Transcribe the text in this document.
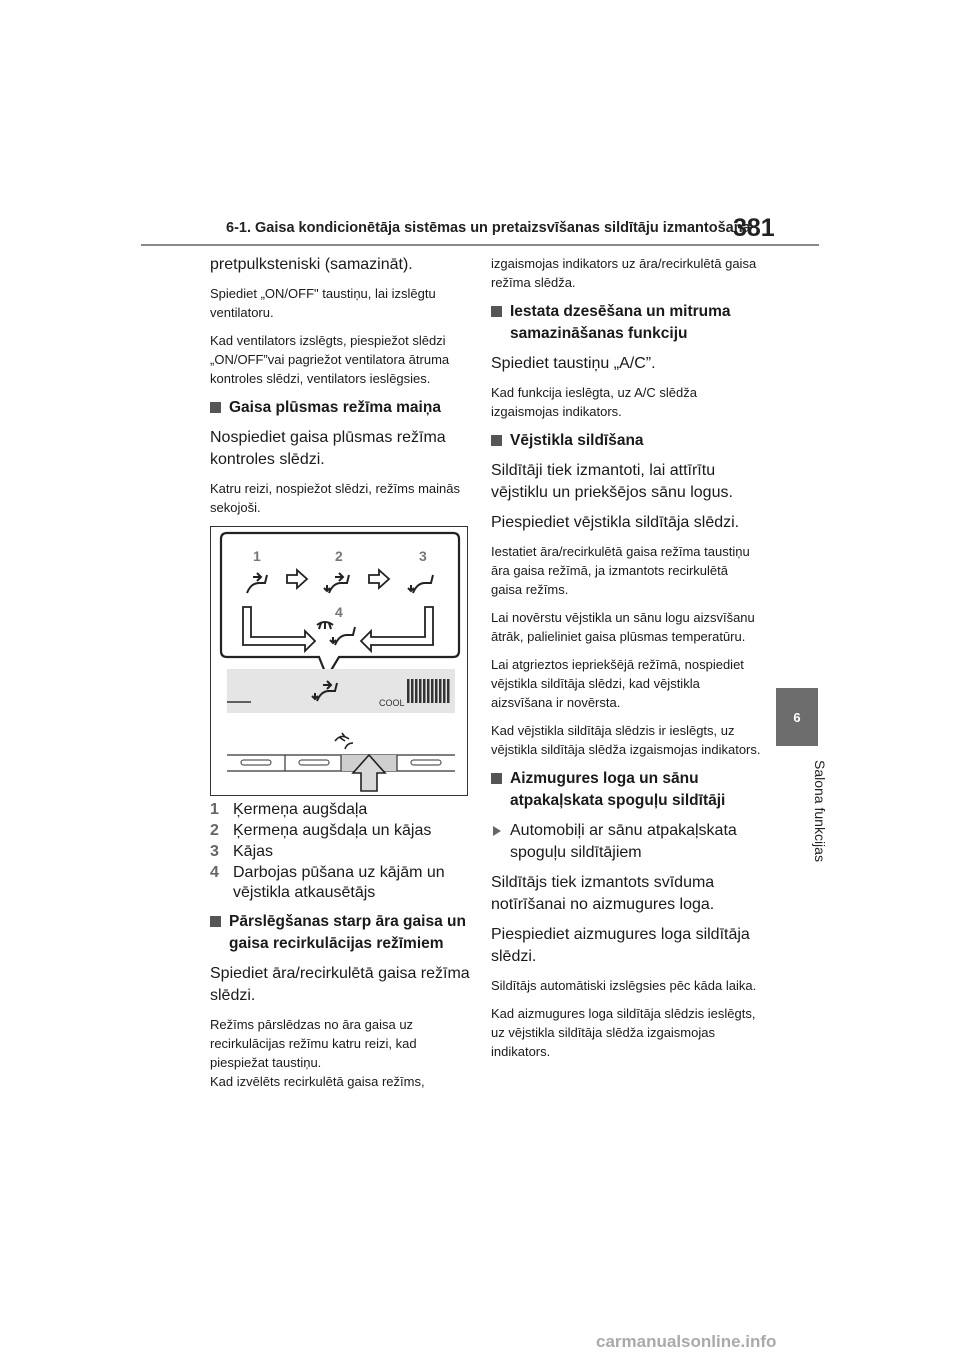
6-1. Gaisa kondicionētāja sistēmas un pretaizsvīšanas sildītāju izmantošana
381
6
Salona funkcijas

pretpulksteniski (samazināt).

Spiediet „ON/OFF" taustiņu, lai izslēgtu ventilatoru.

Kad ventilators izslēgts, piespiežot slēdzi „ON/OFF”vai pagriežot ventilatora ātruma kontroles slēdzi, ventilators ieslēgsies.

Gaisa plūsmas režīma maiņa

Nospiediet gaisa plūsmas režīma kontroles slēdzi.

Katru reizi, nospiežot slēdzi, režīms mainās sekojoši.

1	2	3
4
COOL
1 Ķermeņa augšdaļa
2 Ķermeņa augšdaļa un kājas
3 Kājas
4 Darbojas pūšana uz kājām un vējstikla atkausētājs
Pārslēgšanas starp āra gaisa un gaisa recirkulācijas režīmiem

Spiediet āra/recirkulētā gaisa režīma slēdzi.

Režīms pārslēdzas no āra gaisa uz recirkulācijas režīmu katru reizi, kad piespiežat taustiņu.

Kad izvēlēts recirkulētā gaisa režīms,

izgaismojas indikators uz āra/recirkulētā gaisa režīma slēdža.

Iestata dzesēšana un mitruma samazināšanas funkciju

Spiediet taustiņu „A/C”.

Kad funkcija ieslēgta, uz A/C slēdža izgaismojas indikators.

Vējstikla sildīšana

Sildītāji tiek izmantoti, lai attīrītu vējstiklu un priekšējos sānu logus.

Piespiediet vējstikla sildītāja slēdzi.

Iestatiet āra/recirkulētā gaisa režīma taustiņu āra gaisa režīmā, ja izmantots recirkulētā gaisa režīms.

Lai novērstu vējstikla un sānu logu aizsvīšanu ātrāk, palieliniet gaisa plūsmas temperatūru.

Lai atgrieztos iepriekšējā režīmā, nospiediet vējstikla sildītāja slēdzi, kad vējstikla aizsvīšana ir novērsta.

Kad vējstikla sildītāja slēdzis ir ieslēgts, uz vējstikla sildītāja slēdža izgaismojas indikators.

Aizmugures loga un sānu atpakaļskata spoguļu sildītāji
Automobiļi ar sānu atpakaļskata spoguļu sildītājiem

Sildītājs tiek izmantots svīduma notīrīšanai no aizmugures loga.

Piespiediet aizmugures loga sildītāja slēdzi.

Sildītājs automātiski izslēgsies pēc kāda laika.

Kad aizmugures loga sildītāja slēdzis ieslēgts, uz vējstikla sildītāja slēdža izgaismojas indikators.

carmanualsonline.info
